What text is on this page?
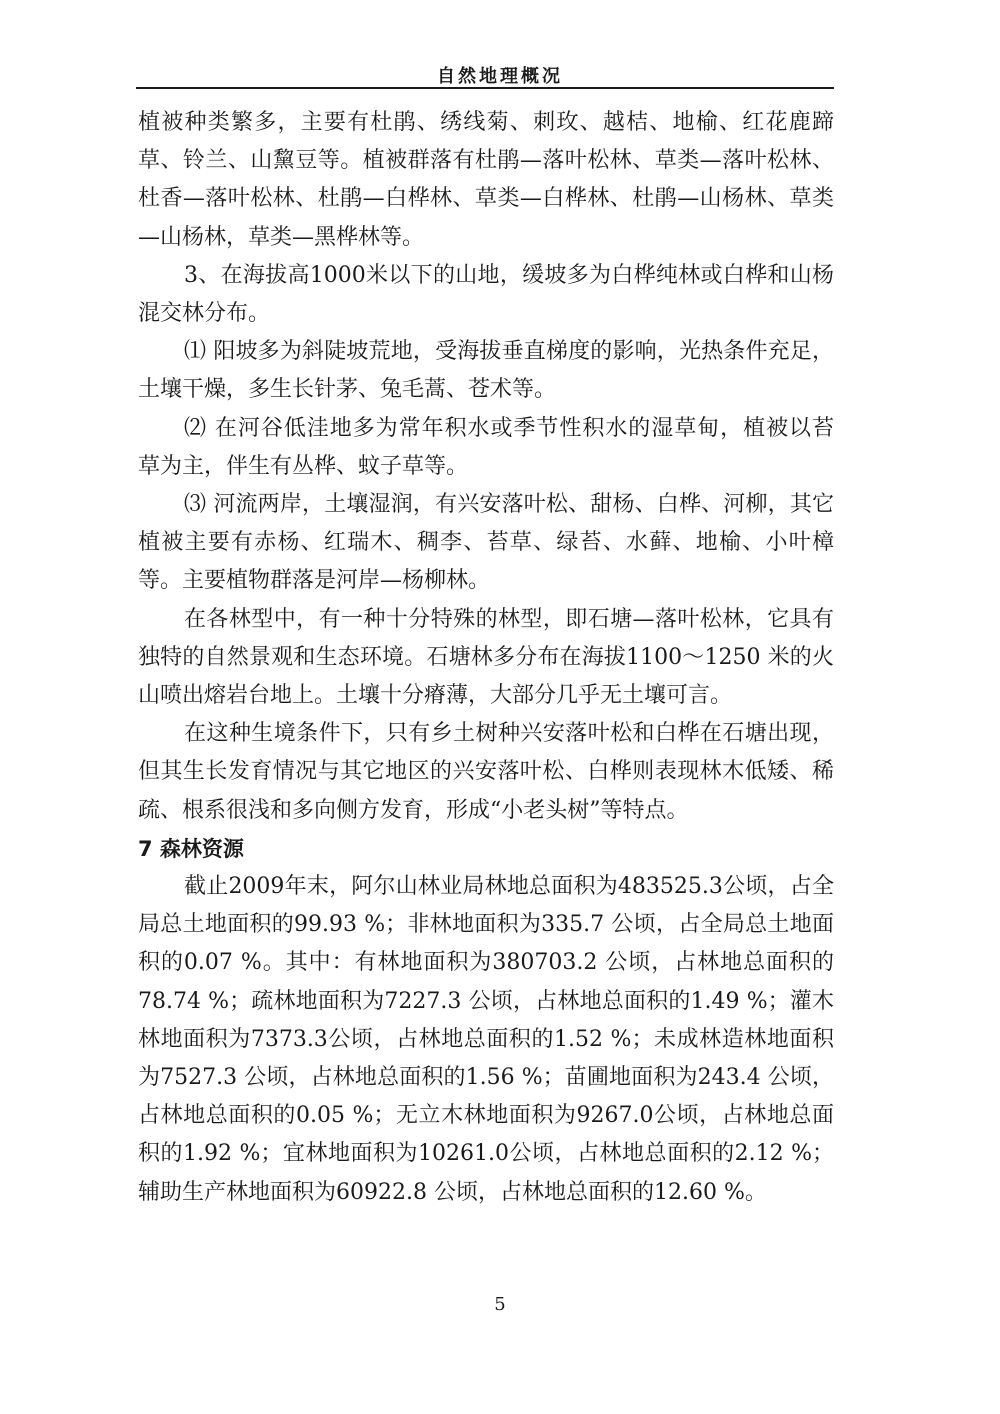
自然地理概况

植被种类繁多，主要有杜鹃、绣线菊、刺玫、越桔、地榆、红花鹿蹄草、铃兰、山黧豆等。植被群落有杜鹃—落叶松林、草类—落叶松林、杜香—落叶松林、杜鹃—白桦林、草类—白桦林、杜鹃—山杨林、草类—山杨林，草类—黑桦林等。

3、在海拔高1000米以下的山地，缓坡多为白桦纯林或白桦和山杨混交林分布。

⑴ 阳坡多为斜陡坡荒地，受海拔垂直梯度的影响，光热条件充足， 土壤干燥，多生长针茅、兔毛蒿、苍术等。

⑵ 在河谷低洼地多为常年积水或季节性积水的湿草甸，植被以苔 草为主，伴生有丛桦、蚊子草等。

⑶ 河流两岸，土壤湿润，有兴安落叶松、甜杨、白桦、河柳，其它植被主要有赤杨、红瑞木、稠李、苔草、绿苔、水藓、地榆、小叶樟等。主要植物群落是河岸—杨柳林。

在各林型中，有一种十分特殊的林型，即石塘—落叶松林，它具有独特的自然景观和生态环境。石塘林多分布在海拔1100～1250 米的火山喷出熔岩台地上。土壤十分瘠薄，大部分几乎无土壤可言。

在这种生境条件下，只有乡土树种兴安落叶松和白桦在石塘出现，但其生长发育情况与其它地区的兴安落叶松、白桦则表现林木低矮、稀疏、根系很浅和多向侧方发育，形成“小老头树”等特点。

7 森林资源

截止2009年末，阿尔山林业局林地总面积为483525.3公顷，占全局总土地面积的99.93 %；非林地面积为335.7 公顷，占全局总土地面积的0.07 %。其中：有林地面积为380703.2 公顷，占林地总面积的78.74 %；疏林地面积为7227.3 公顷，占林地总面积的1.49 %；灌木林地面积为7373.3公顷，占林地总面积的1.52 %；未成林造林地面积为7527.3 公顷，占林地总面积的1.56 %；苗圃地面积为243.4 公顷，占林地总面积的0.05 %；无立木林地面积为9267.0公顷，占林地总面积的1.92 %；宜林地面积为10261.0公顷，占林地总面积的2.12 %；辅助生产林地面积为60922.8 公顷，占林地总面积的12.60 %。

5
